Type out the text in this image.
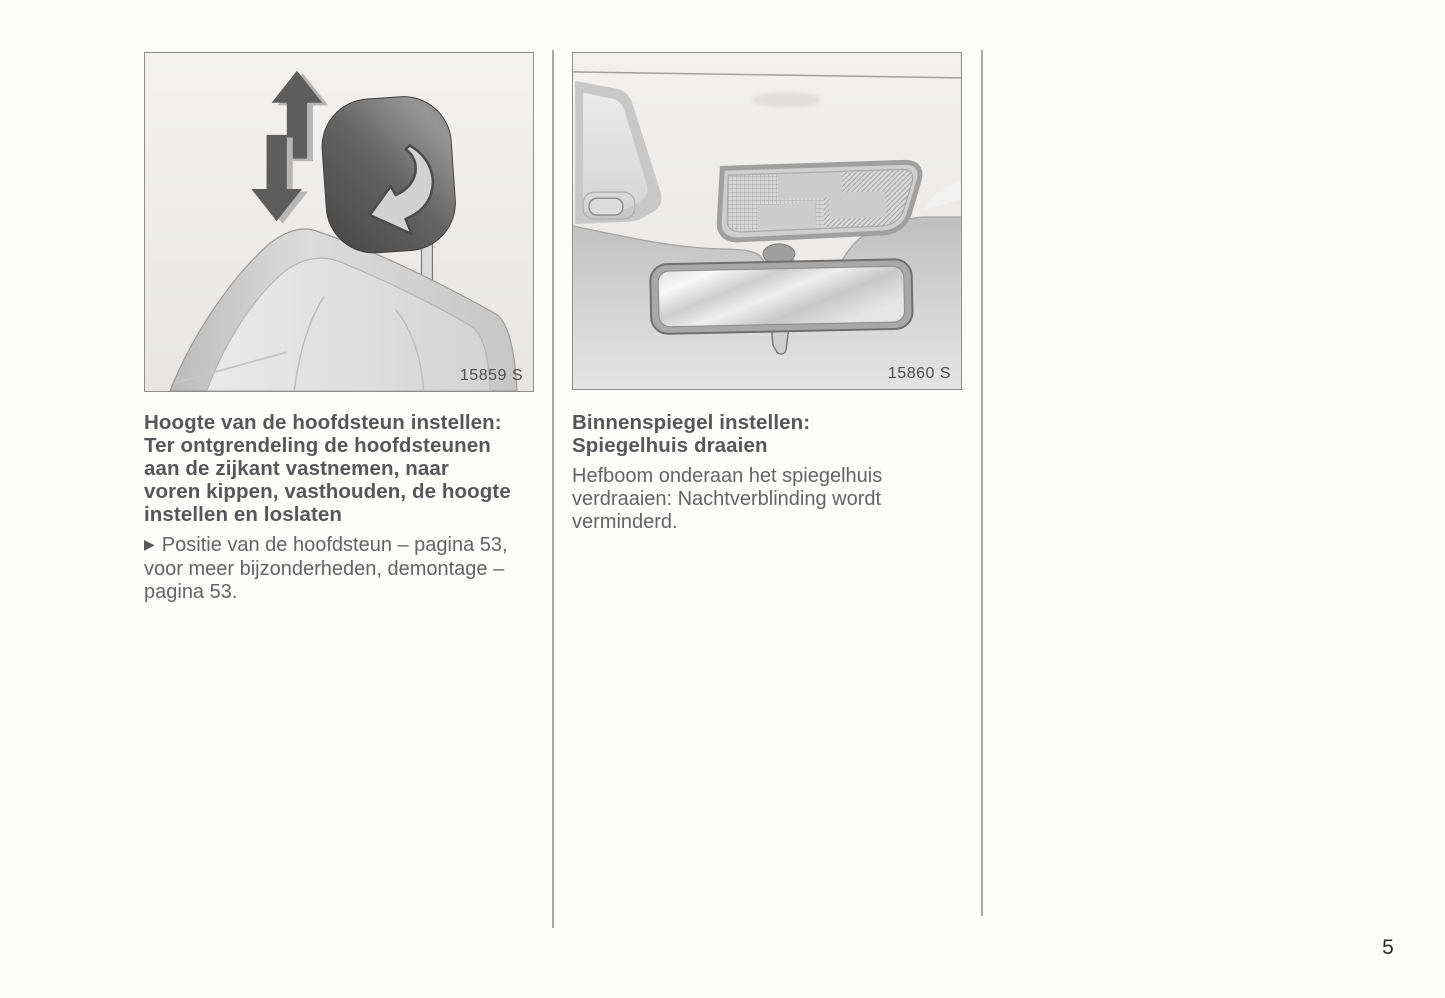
15859 S	15860 S
Hoogte van de hoofdsteun instellen:
Ter ontgrendeling de hoofdsteunen
aan de zijkant vastnemen, naar
voren kippen, vasthouden, de hoogte
instellen en loslaten
▶ Positie van de hoofdsteun – pagina 53,
voor meer bijzonderheden, demontage –
pagina 53.
Binnenspiegel instellen:
Spiegelhuis draaien
Hefboom onderaan het spiegelhuis
verdraaien: Nachtverblinding wordt
verminderd.
5
